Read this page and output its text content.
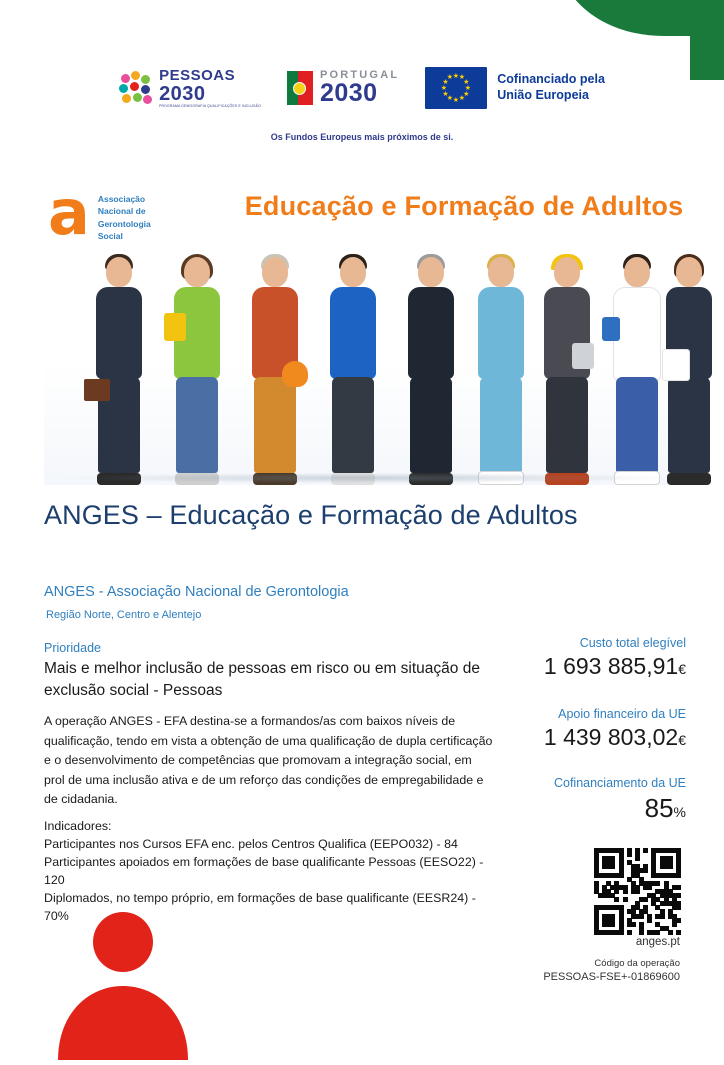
PESSOAS
2030
PROGRAMA DEMOGRAFIA QUALIFICAÇÕES E INCLUSÃO
PORTUGAL
2030
★ ★
★
★
★
★
★
★
★
★
★
★	Cofinanciado pela
União Europeia
Os Fundos Europeus mais próximos de si.
a Associação
Nacional de
Gerontologia
Social
Educação e Formação de Adultos
ANGES – Educação e Formação de Adultos
ANGES - Associação Nacional de Gerontologia
Região Norte, Centro e Alentejo
Prioridade
Mais e melhor inclusão de pessoas em risco ou em situação de exclusão social - Pessoas
A operação ANGES - EFA destina-se a formandos/as com baixos níveis de qualificação, tendo em vista a obtenção de uma qualificação de dupla certificação e o desenvolvimento de competências que promovam a integração social, em prol de uma inclusão ativa e de um reforço das condições de empregabilidade e de cidadania.
Indicadores:
Participantes nos Cursos EFA enc. pelos Centros Qualifica (EEPO032) - 84
Participantes apoiados em formações de base qualificante Pessoas (EESO22) - 120
Diplomados, no tempo próprio, em formações de base qualificante (EESR24) - 70%
Custo total elegível
1 693 885,91€
Apoio financeiro da UE
1 439 803,02€
Cofinanciamento da UE
85%
anges.pt
Código da operação
PESSOAS-FSE+-01869600
